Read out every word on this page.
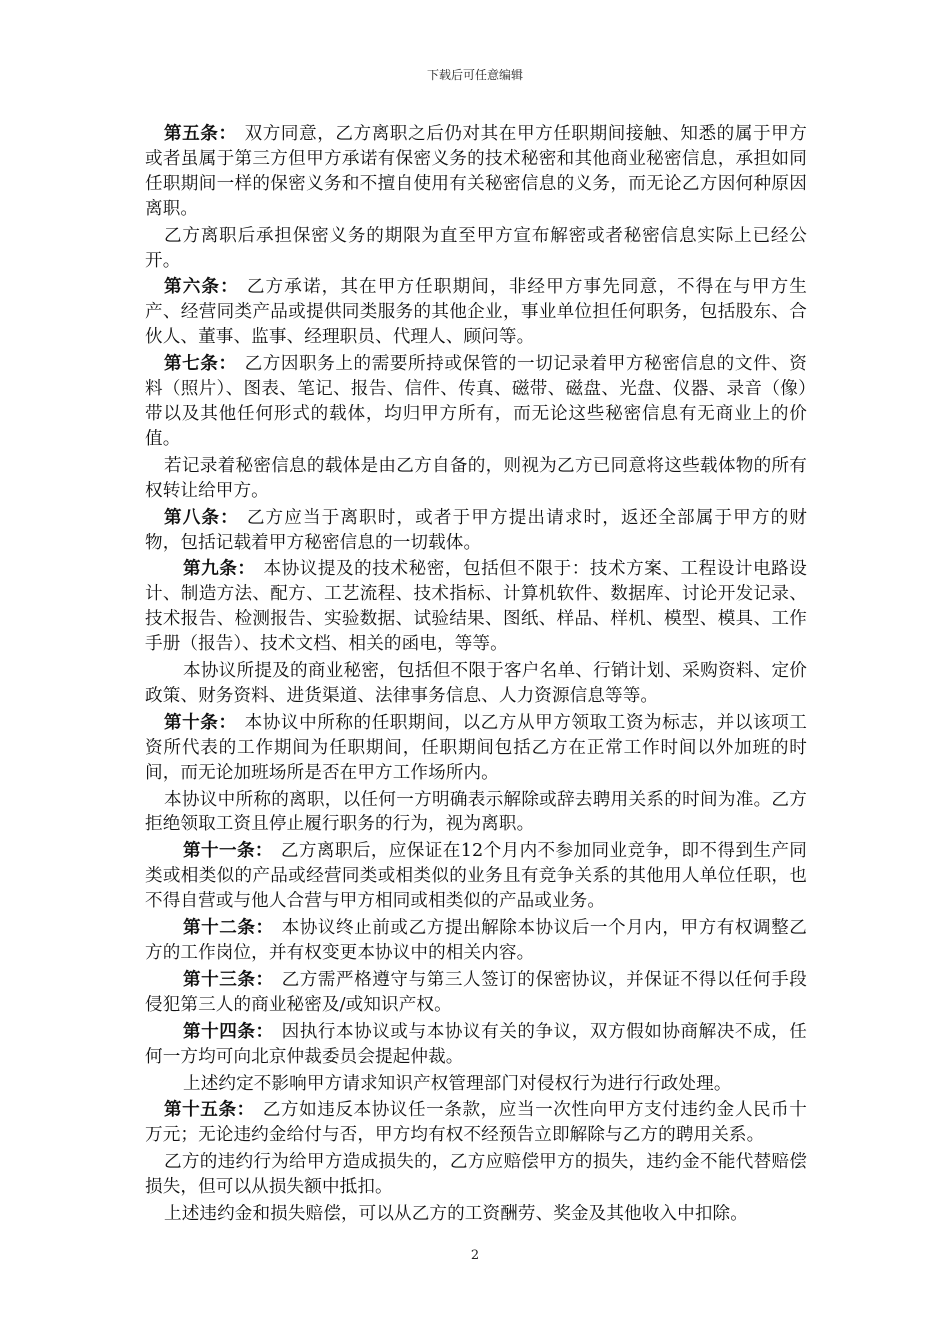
下载后可任意编辑

第五条： 双方同意，乙方离职之后仍对其在甲方任职期间接触、知悉的属于甲方或者虽属于第三方但甲方承诺有保密义务的技术秘密和其他商业秘密信息，承担如同任职期间一样的保密义务和不擅自使用有关秘密信息的义务，而无论乙方因何种原因离职。

乙方离职后承担保密义务的期限为直至甲方宣布解密或者秘密信息实际上已经公开。

第六条： 乙方承诺，其在甲方任职期间，非经甲方事先同意，不得在与甲方生产、经营同类产品或提供同类服务的其他企业，事业单位担任何职务，包括股东、合伙人、董事、监事、经理职员、代理人、顾问等。

第七条： 乙方因职务上的需要所持或保管的一切记录着甲方秘密信息的文件、资料（照片）、图表、笔记、报告、信件、传真、磁带、磁盘、光盘、仪器、录音（像）带以及其他任何形式的载体，均归甲方所有，而无论这些秘密信息有无商业上的价值。

若记录着秘密信息的载体是由乙方自备的，则视为乙方已同意将这些载体物的所有权转让给甲方。

第八条： 乙方应当于离职时，或者于甲方提出请求时，返还全部属于甲方的财物，包括记载着甲方秘密信息的一切载体。

第九条： 本协议提及的技术秘密，包括但不限于：技术方案、工程设计电路设计、制造方法、配方、工艺流程、技术指标、计算机软件、数据库、讨论开发记录、技术报告、检测报告、实验数据、试验结果、图纸、样品、样机、模型、模具、工作手册（报告）、技术文档、相关的函电，等等。

本协议所提及的商业秘密，包括但不限于客户名单、行销计划、采购资料、定价政策、财务资料、进货渠道、法律事务信息、人力资源信息等等。

第十条： 本协议中所称的任职期间，以乙方从甲方领取工资为标志，并以该项工资所代表的工作期间为任职期间，任职期间包括乙方在正常工作时间以外加班的时间，而无论加班场所是否在甲方工作场所内。

本协议中所称的离职，以任何一方明确表示解除或辞去聘用关系的时间为准。乙方拒绝领取工资且停止履行职务的行为，视为离职。

第十一条： 乙方离职后，应保证在12个月内不参加同业竞争，即不得到生产同类或相类似的产品或经营同类或相类似的业务且有竞争关系的其他用人单位任职，也不得自营或与他人合营与甲方相同或相类似的产品或业务。

第十二条： 本协议终止前或乙方提出解除本协议后一个月内，甲方有权调整乙方的工作岗位，并有权变更本协议中的相关内容。

第十三条： 乙方需严格遵守与第三人签订的保密协议，并保证不得以任何手段侵犯第三人的商业秘密及/或知识产权。

第十四条： 因执行本协议或与本协议有关的争议，双方假如协商解决不成，任何一方均可向北京仲裁委员会提起仲裁。

上述约定不影响甲方请求知识产权管理部门对侵权行为进行行政处理。

第十五条： 乙方如违反本协议任一条款，应当一次性向甲方支付违约金人民币十万元；无论违约金给付与否，甲方均有权不经预告立即解除与乙方的聘用关系。

乙方的违约行为给甲方造成损失的，乙方应赔偿甲方的损失，违约金不能代替赔偿损失，但可以从损失额中抵扣。

上述违约金和损失赔偿，可以从乙方的工资酬劳、奖金及其他收入中扣除。

2
